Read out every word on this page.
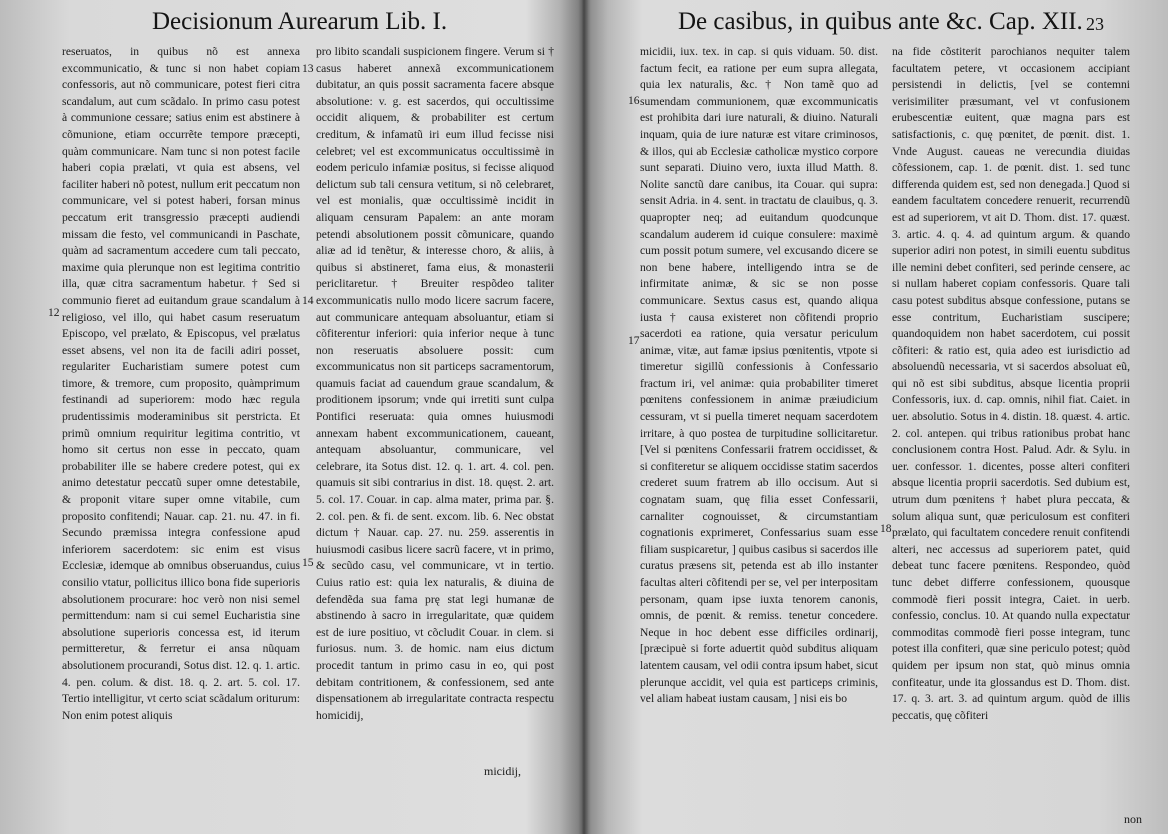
Decisionum Aurearum Lib. I.

reseruatos, in quibus nõ est annexa excommunicatio, & tunc si non habet copiam confessoris, aut nõ communicare, potest fieri citra scandalum, aut cum scãdalo. In primo casu potest à communione cessare; satius enim est abstinere à cõmunione, etiam occurrẽte tempore præcepti, quàm communicare. Nam tunc si non potest facile haberi copia prælati, vt quia est absens, vel faciliter haberi nõ potest, nullum erit peccatum non communicare, vel si potest haberi, forsan minus peccatum erit transgressio præcepti audiendi missam die festo, vel communicandi in Paschate, quàm ad sacramentum accedere cum tali peccato, maxime quia plerunque non est legitima contritio illa, quæ citra sacramentum habetur. † Sed si communio fieret ad euitandum graue scandalum à religioso, vel illo, qui habet casum reseruatum Episcopo, vel prælato, & Episcopus, vel prælatus esset absens, vel non ita de facili adiri posset, regulariter Eucharistiam sumere potest cum timore, & tremore, cum proposito, quàmprimum festinandi ad superiorem: modo hæc regula prudentissimis moderaminibus sit perstricta. Et primũ omnium requiritur legitima contritio, vt homo sit certus non esse in peccato, quam probabiliter ille se habere credere potest, qui ex animo detestatur peccatũ super omne detestabile, & proponit vitare super omne vitabile, cum proposito confitendi; Nauar. cap. 21. nu. 47. in fi. Secundo præmissa integra confessione apud inferiorem sacerdotem: sic enim est visus Ecclesiæ, idemque ab omnibus obseruandus, cuius consilio vtatur, pollicitus illico bona fide superioris absolutionem procurare: hoc verò non nisi semel permittendum: nam si cui semel Eucharistia sine absolutione superioris concessa est, id iterum permitteretur, & ferretur ei ansa nũquam absolutionem procurandi, Sotus dist. 12. q. 1. artic. 4. pen. colum. & dist. 18. q. 2. art. 5. col. 17. Tertio intelligitur, vt certo sciat scãdalum oriturum: Non enim potest aliquis

pro libito scandali suspicionem fingere. Verum si † casus haberet annexã excommunicationem dubitatur, an quis possit sacramenta facere absque absolutione: v. g. est sacerdos, qui occultissime occidit aliquem, & probabiliter est certum creditum, & infamatũ iri eum illud fecisse nisi celebret; vel est excommunicatus occultissimè in eodem periculo infamiæ positus, si fecisse aliquod delictum sub tali censura vetitum, si nõ celebraret, vel est monialis, quæ occultissimè incidit in aliquam censuram Papalem: an ante moram petendi absolutionem possit cõmunicare, quando aliæ ad id tenẽtur, & interesse choro, & aliis, à quibus si abstineret, fama eius, & monasterii periclitaretur. † Breuiter respõdeo taliter excommunicatis nullo modo licere sacrum facere, aut communicare antequam absoluantur, etiam si cõfiterentur inferiori: quia inferior neque à tunc non reseruatis absoluere possit: cum excommunicatus non sit particeps sacramentorum, quamuis faciat ad cauendum graue scandalum, & proditionem ipsorum; vnde qui irretiti sunt culpa Pontifici reseruata: quia omnes huiusmodi annexam habent excommunicationem, caueant, antequam absoluantur, communicare, vel celebrare, ita Sotus dist. 12. q. 1. art. 4. col. pen. quamuis sit sibi contrarius in dist. 18. quęst. 2. art. 5. col. 17. Couar. in cap. alma mater, prima par. §. 2. col. pen. & fi. de sent. excom. lib. 6. Nec obstat dictum † Nauar. cap. 27. nu. 259. asserentis in huiusmodi casibus licere sacrũ facere, vt in primo, & secũdo casu, vel communicare, vt in tertio. Cuius ratio est: quia lex naturalis, & diuina de defendẽda sua fama prę stat legi humanæ de abstinendo à sacro in irregularitate, quæ quidem est de iure positiuo, vt cõcludit Couar. in clem. si furiosus. num. 3. de homic. nam eius dictum procedit tantum in primo casu in eo, qui post debitam contritionem, & confessionem, sed ante dispensationem ab irregularitate contracta respectu homicidij,

12
13
14
15
micidij,
De casibus, in quibus ante &c. Cap. XII. 23

micidii, iux. tex. in cap. si quis viduam. 50. dist. factum fecit, ea ratione per eum supra allegata, quia lex naturalis, &c. † Non tamẽ quo ad sumendam communionem, quæ excommunicatis est prohibita dari iure naturali, & diuino. Naturali inquam, quia de iure naturæ est vitare criminosos, & illos, qui ab Ecclesiæ catholicæ mystico corpore sunt separati. Diuino vero, iuxta illud Matth. 8. Nolite sanctũ dare canibus, ita Couar. qui supra: sensit Adria. in 4. sent. in tractatu de clauibus, q. 3. quapropter neq; ad euitandum quodcunque scandalum auderem id cuique consulere: maximè cum possit potum sumere, vel excusando dicere se non bene habere, intelligendo intra se de infirmitate animæ, & sic se non posse communicare. Sextus casus est, quando aliqua iusta † causa existeret non cõfitendi proprio sacerdoti ea ratione, quia versatur periculum animæ, vitæ, aut famæ ipsius pœnitentis, vtpote si timeretur sigillũ confessionis à Confessario fractum iri, vel animæ: quia probabiliter timeret pœnitens confessionem in animæ præiudicium cessuram, vt si puella timeret nequam sacerdotem irritare, à quo postea de turpitudine sollicitaretur. [Vel si pœnitens Confessarii fratrem occidisset, & si confiteretur se aliquem occidisse statim sacerdos crederet suum fratrem ab illo occisum. Aut si cognatam suam, quę filia esset Confessarii, carnaliter cognouisset, & circumstantiam cognationis exprimeret, Confessarius suam esse filiam suspicaretur, ] quibus casibus si sacerdos ille curatus præsens sit, petenda est ab illo instanter facultas alteri cõfitendi per se, vel per interpositam personam, quam ipse iuxta tenorem canonis, omnis, de pœnit. & remiss. tenetur concedere. Neque in hoc debent esse difficiles ordinarij, [præcipuè si forte aduertit quòd subditus aliquam latentem causam, vel odii contra ipsum habet, sicut plerunque accidit, vel quia est particeps criminis, vel aliam habeat iustam causam, ] nisi eis bo

na fide cõstiterit parochianos nequiter talem facultatem petere, vt occasionem accipiant persistendi in delictis, [vel se contemni verisimiliter præsumant, vel vt confusionem erubescentiæ euitent, quæ magna pars est satisfactionis, c. quę pœnitet, de pœnit. dist. 1. Vnde August. caueas ne verecundia diuidas cõfessionem, cap. 1. de pœnit. dist. 1. sed tunc differenda quidem est, sed non denegada.] Quod si eandem facultatem concedere renuerit, recurrendũ est ad superiorem, vt ait D. Thom. dist. 17. quæst. 3. artic. 4. q. 4. ad quintum argum. & quando superior adiri non potest, in simili euentu subditus ille nemini debet confiteri, sed perinde censere, ac si nullam haberet copiam confessoris. Quare tali casu potest subditus absque confessione, putans se esse contritum, Eucharistiam suscipere; quandoquidem non habet sacerdotem, cui possit cõfiteri: & ratio est, quia adeo est iurisdictio ad absoluendũ necessaria, vt si sacerdos absoluat eũ, qui nõ est sibi subditus, absque licentia proprii Confessoris, iux. d. cap. omnis, nihil fiat. Caiet. in uer. absolutio. Sotus in 4. distin. 18. quæst. 4. artic. 2. col. antepen. qui tribus rationibus probat hanc conclusionem contra Host. Palud. Adr. & Sylu. in uer. confessor. 1. dicentes, posse alteri confiteri absque licentia proprii sacerdotis. Sed dubium est, utrum dum pœnitens † habet plura peccata, & solum aliqua sunt, quæ periculosum est confiteri prælato, qui facultatem concedere renuit confitendi alteri, nec accessus ad superiorem patet, quid debeat tunc facere pœnitens. Respondeo, quòd tunc debet differre confessionem, quousque commodè fieri possit integra, Caiet. in uerb. confessio, conclus. 10. At quando nulla expectatur commoditas commodè fieri posse integram, tunc potest illa confiteri, quæ sine periculo potest; quòd quidem per ipsum non stat, quò minus omnia confiteatur, unde ita glossandus est D. Thom. dist. 17. q. 3. art. 3. ad quintum argum. quòd de illis peccatis, quę cõfiteri

16
17
18
non
